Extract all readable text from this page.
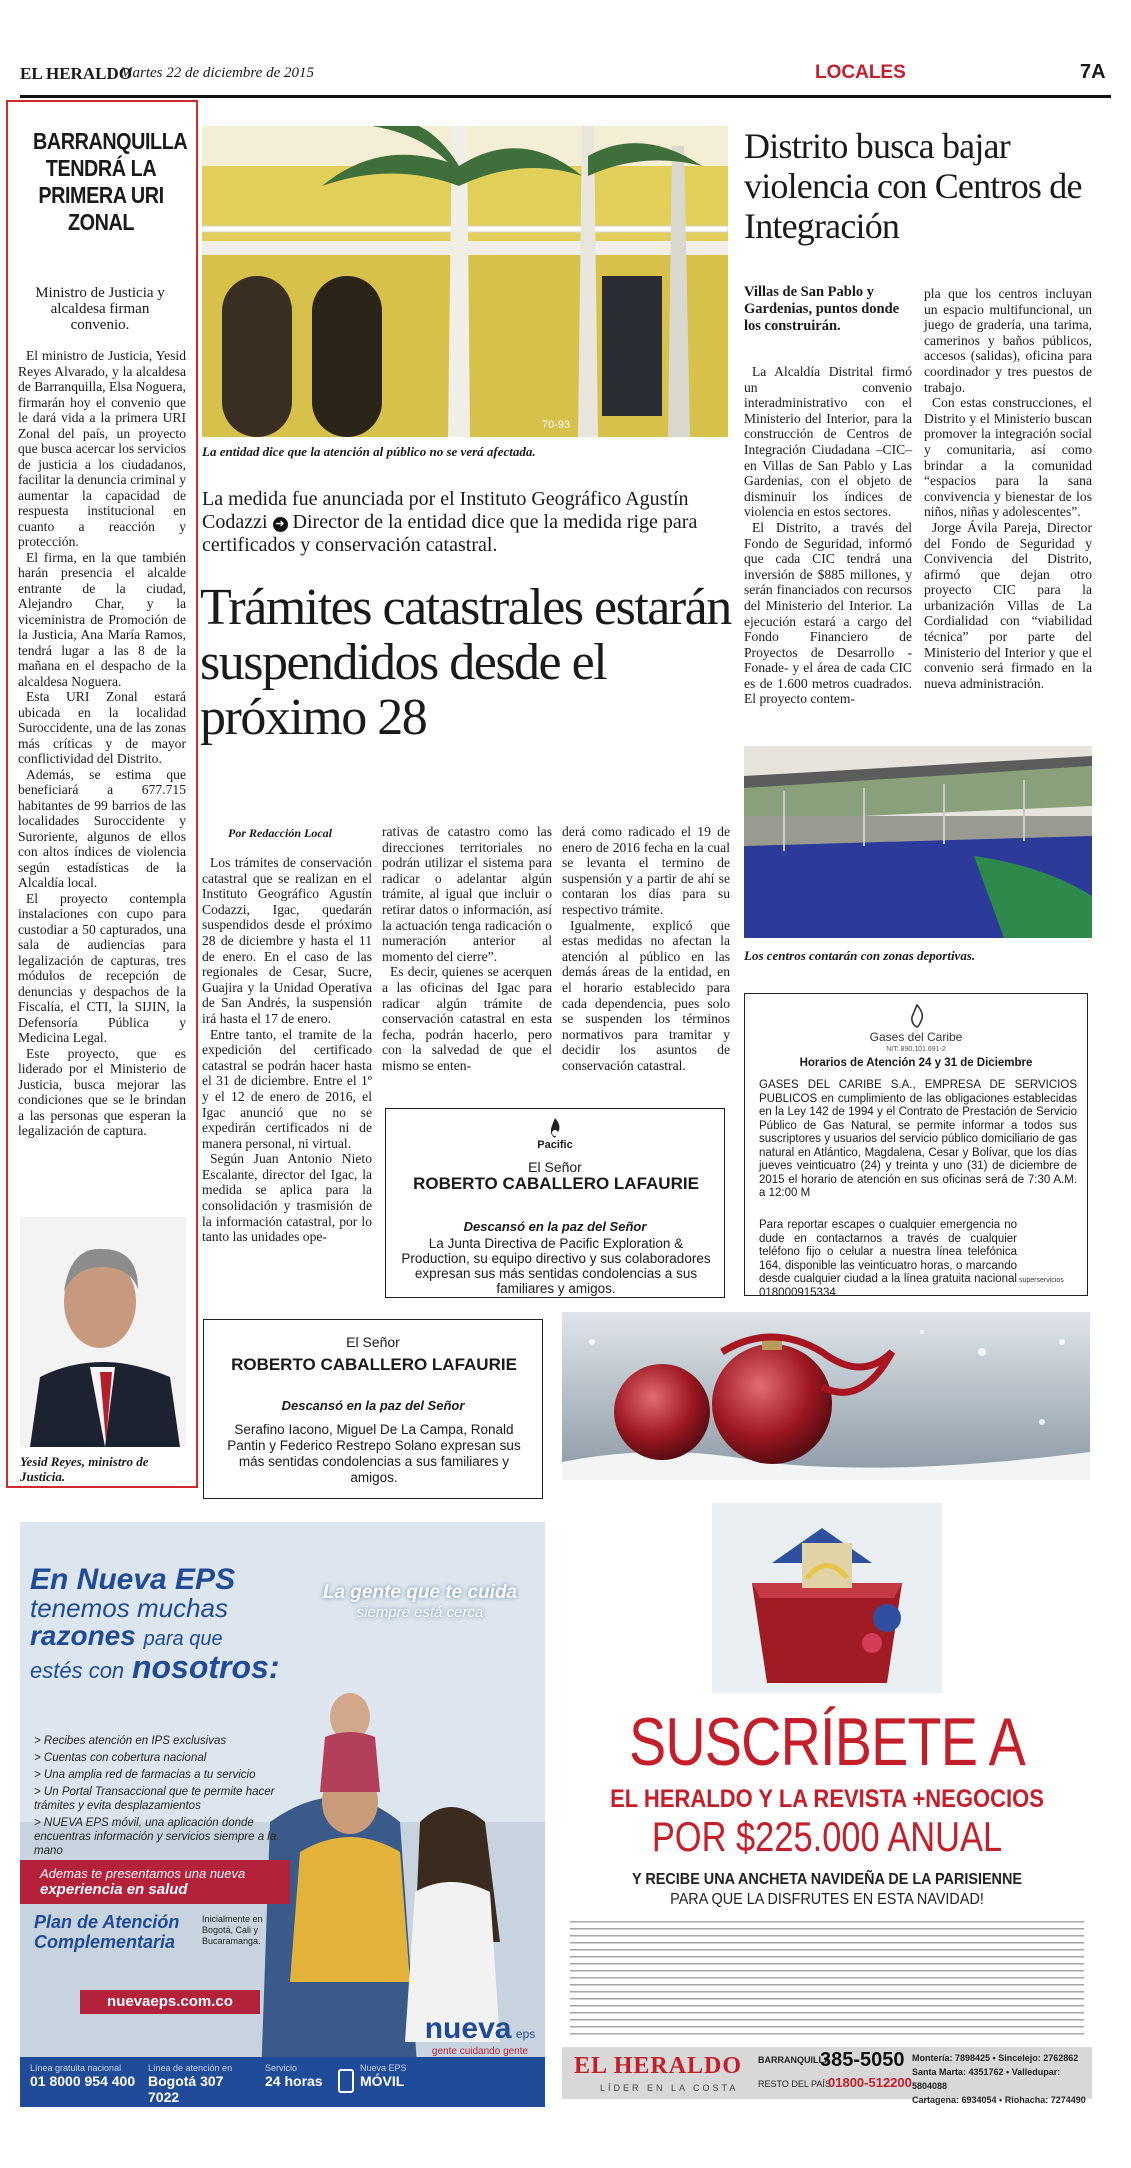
EL HERALDO
Martes 22 de diciembre de 2015	LOCALES	7A
BARRANQUILLA TENDRÁ LA PRIMERA URI ZONAL
Ministro de Justicia y alcaldesa firman convenio.

El ministro de Justicia, Yesid Reyes Alvarado, y la alcaldesa de Barranquilla, Elsa Noguera, firmarán hoy el convenio que le dará vida a la primera URI Zonal del país, un proyecto que busca acercar los servicios de justicia a los ciudadanos, facilitar la denuncia criminal y aumentar la capacidad de respuesta institucional en cuanto a reacción y protección.

El firma, en la que también harán presencia el alcalde entrante de la ciudad, Alejandro Char, y la viceministra de Promoción de la Justicia, Ana María Ramos, tendrá lugar a las 8 de la mañana en el despacho de la alcaldesa Noguera.

Esta URI Zonal estará ubicada en la localidad Suroccidente, una de las zonas más críticas y de mayor conflictividad del Distrito.

Además, se estima que beneficiará a 677.715 habitantes de 99 barrios de las localidades Suroccidente y Suroriente, algunos de ellos con altos índices de violencia según estadísticas de la Alcaldía local.

El proyecto contempla instalaciones con cupo para custodiar a 50 capturados, una sala de audiencias para legalización de capturas, tres módulos de recepción de denuncias y despachos de la Fiscalía, el CTI, la SIJIN, la Defensoría Pública y Medicina Legal.

Este proyecto, que es liderado por el Ministerio de Justicia, busca mejorar las condiciones que se le brindan a las personas que esperan la legalización de captura.

Yesid Reyes, ministro de Justicia.
70-93
La entidad dice que la atención al público no se verá afectada.
La medida fue anunciada por el Instituto Geográfico Agustín Codazzi ➜ Director de la entidad dice que la medida rige para certificados y conservación catastral.
Trámites catastrales estarán suspendidos desde el próximo 28
Por Redacción Local

Los trámites de conservación catastral que se realizan en el Instituto Geográfico Agustín Codazzi, Igac, quedarán suspendidos desde el próximo 28 de diciembre y hasta el 11 de enero. En el caso de las regionales de Cesar, Sucre, Guajira y la Unidad Operativa de San Andrés, la suspensión irá hasta el 17 de enero.

Entre tanto, el tramite de la expedición del certificado catastral se podrán hacer hasta el 31 de diciembre. Entre el 1º y el 12 de enero de 2016, el Igac anunció que no se expedirán certificados ni de manera personal, ni virtual.

Según Juan Antonio Nieto Escalante, director del Igac, la medida se aplica para la consolidación y trasmisión de la información catastral, por lo tanto las unidades ope-

rativas de catastro como las direcciones territoriales no podrán utilizar el sistema para radicar o adelantar algún trámite, al igual que incluir o retirar datos o información, así la actuación tenga radicación o numeración anterior al momento del cierre”.

Es decir, quienes se acerquen a las oficinas del Igac para radicar algún trámite de conservación catastral en esta fecha, podrán hacerlo, pero con la salvedad de que el mismo se enten-

derá como radicado el 19 de enero de 2016 fecha en la cual se levanta el termino de suspensión y a partir de ahí se contaran los días para su respectivo trámite.

Igualmente, explicó que estas medidas no afectan la atención al público en las demás áreas de la entidad, en el horario establecido para cada dependencia, pues solo se suspenden los términos normativos para tramitar y decidir los asuntos de conservación catastral.

Pacific
El Señor
ROBERTO CABALLERO LAFAURIE
Descansó en la paz del Señor
La Junta Directiva de Pacific Exploration & Production, su equipo directivo y sus colaboradores expresan sus más sentidas condolencias a sus familiares y amigos.
El Señor
ROBERTO CABALLERO LAFAURIE
Descansó en la paz del Señor
Serafino Iacono, Miguel De La Campa, Ronald Pantin y Federico Restrepo Solano expresan sus más sentidas condolencias a sus familiares y amigos.
Distrito busca bajar violencia con Centros de Integración
Villas de San Pablo y Gardenias, puntos donde los construirán.

La Alcaldía Distrital firmó un convenio interadministrativo con el Ministerio del Interior, para la construcción de Centros de Integración Ciudadana –CIC– en Villas de San Pablo y Las Gardenias, con el objeto de disminuir los índices de violencia en estos sectores.

El Distrito, a través del Fondo de Seguridad, informó que cada CIC tendrá una inversión de $885 millones, y serán financiados con recursos del Ministerio del Interior. La ejecución estará a cargo del Fondo Financiero de Proyectos de Desarrollo -Fonade- y el área de cada CIC es de 1.600 metros cuadrados. El proyecto contem-

pla que los centros incluyan un espacio multifuncional, un juego de gradería, una tarima, camerinos y baños públicos, accesos (salidas), oficina para coordinador y tres puestos de trabajo.

Con estas construcciones, el Distrito y el Ministerio buscan promover la integración social y comunitaria, así como brindar a la comunidad “espacios para la sana convivencia y bienestar de los niños, niñas y adolescentes”.

Jorge Ávila Pareja, Director del Fondo de Seguridad y Convivencia del Distrito, afirmó que dejan otro proyecto CIC para la urbanización Villas de La Cordialidad con “viabilidad técnica” por parte del Ministerio del Interior y que el convenio será firmado en la nueva administración.

Los centros contarán con zonas deportivas.
Gases del Caribe
NIT: 890.101.691-2
Horarios de Atención 24 y 31 de Diciembre
GASES DEL CARIBE S.A., EMPRESA DE SERVICIOS PUBLICOS en cumplimiento de las obligaciones establecidas en la Ley 142 de 1994 y el Contrato de Prestación de Servicio Público de Gas Natural, se permite informar a todos sus suscriptores y usuarios del servicio público domiciliario de gas natural en Atlántico, Magdalena, Cesar y Bolívar, que los días jueves veinticuatro (24) y treinta y uno (31) de diciembre de 2015 el horario de atención en sus oficinas será de 7:30 A.M. a 12:00 M
Para reportar escapes o cualquier emergencia no dude en contactarnos a través de cualquier teléfono fijo o celular a nuestra línea telefónica 164, disponible las veinticuatro horas, o marcando desde cualquier ciudad a la línea gratuita nacional 018000915334
superservicios
En Nueva EPS
tenemos muchas
razones para que
estés con nosotros:
La gente que te cuida
siempre está cerca
> Recibes atención en IPS exclusivas
> Cuentas con cobertura nacional
> Una amplia red de farmacias a tu servicio
> Un Portal Transaccional que te permite hacer trámites y evita desplazamientos
> NUEVA EPS móvil, una aplicación donde encuentras información y servicios siempre a la mano
Ademas te presentamos una nueva
experiencia en salud
Plan de Atención
Complementaria
Inicialmente en Bogotá, Cali y Bucaramanga.
nuevaeps.com.co
nueva eps
gente cuidando gente
Línea gratuita nacional
01 8000 954 400
Línea de atención en
Bogotá 307 7022
Servicio
24 horas
Nueva EPS
MÓVIL
SUSCRÍBETE A
EL HERALDO Y LA REVISTA +NEGOCIOS
POR $225.000 ANUAL
Y RECIBE UNA ANCHETA NAVIDEÑA DE LA PARISIENNE
PARA QUE LA DISFRUTES EN ESTA NAVIDAD!
EL HERALDO
LÍDER EN LA COSTA
BARRANQUILLA
385-5050
RESTO DEL PAÍS
01800-512200
Montería: 7898425 • Sincelejo: 2762862
Santa Marta: 4351762 • Valledupar: 5804088
Cartagena: 6934054 • Riohacha: 7274490
